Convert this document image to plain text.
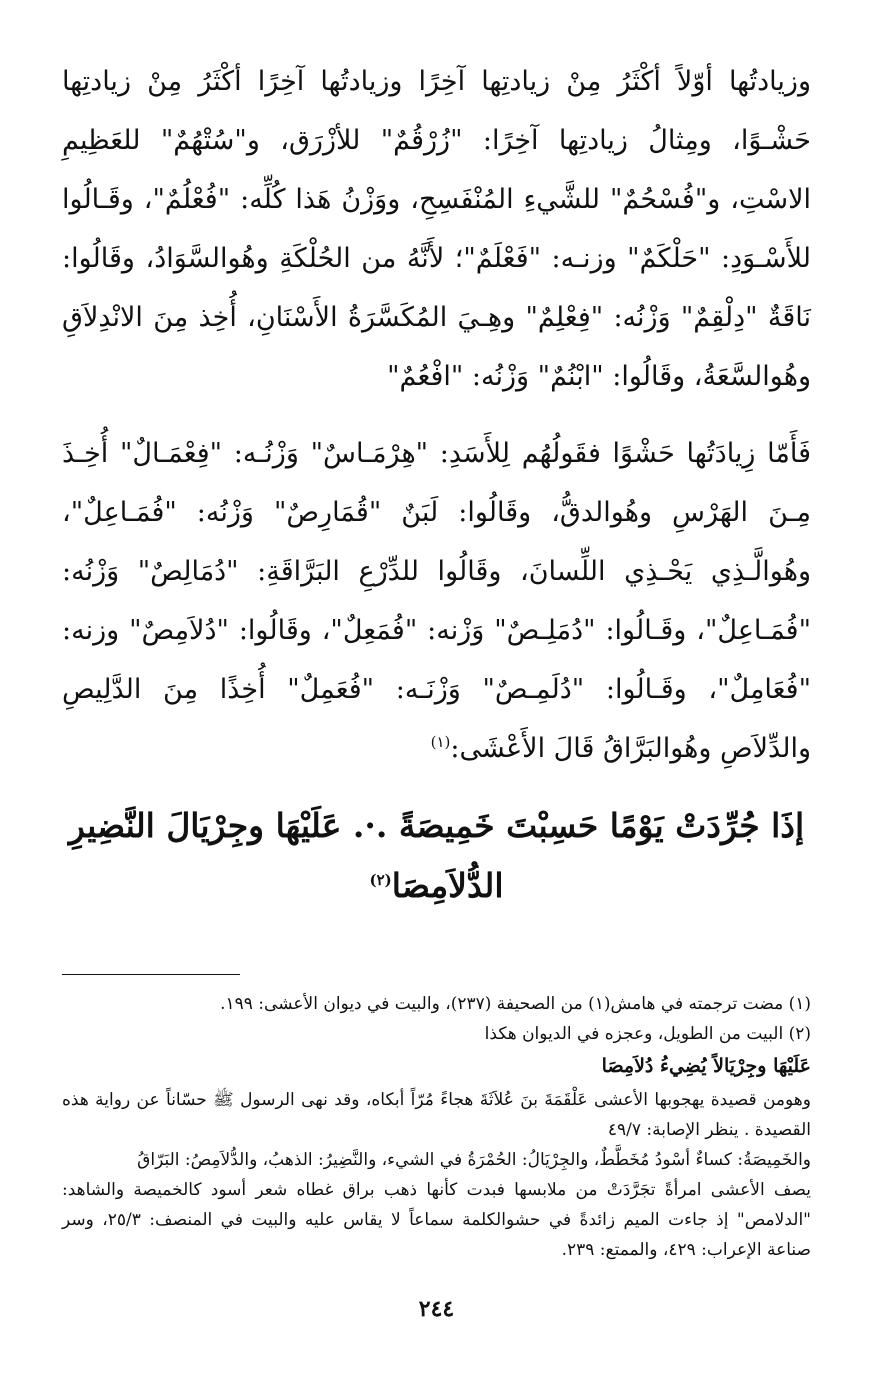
وزيادتُها أوّلاً أكْثَرُ مِنْ زيادتِها آخِرًا وزيادتُها آخِرًا أكْثَرُ مِنْ زيادتِها حَشْـوًا، ومِثالُ زيادتِها آخِرًا: "زُرْقُمٌ" للأزْرَق، و"سُتْهُمٌ" للعَظِيمِ الاسْتِ، و"فُسْحُمٌ" للشَّيءِ المُنْفَسِحِ، ووَزْنُ هَذا كُلِّه: "فُعْلُمٌ"، وقَـالُوا للأَسْـوَدِ: "حَلْكَمٌ" وزنـه: "فَعْلَمٌ"؛ لأَنَّهُ من الحُلْكَةِ وهُوالسَّوَادُ، وقَالُوا: نَاقَةٌ "دِلْقِمٌ" وَزْنُه: "فِعْلِمٌ" وهِـيَ المُكَسَّرَةُ الأَسْنَانِ، أُخِذ مِنَ الانْدِلاَقِ وهُوالسَّعَةُ، وقَالُوا: "ابْنُمٌ" وَزْنُه: "افْعُمٌ"

فَأَمّا زِيادَتُها حَشْوًا فقَولُهُم لِلأَسَدِ: "هِرْمَـاسٌ" وَزْنُـه: "فِعْمَـالٌ" أُخِـذَ مِـنَ الهَرْسِ وهُوالدقُّ، وقَالُوا: لَبَنٌ "قُمَارِصٌ" وَزْنُه: "فُمَـاعِلٌ"، وهُوالَّـذِي يَحْـذِي اللِّسانَ، وقَالُوا للدِّرْعِ البَرَّاقَةِ: "دُمَالِصٌ" وَزْنُه: "فُمَـاعِلٌ"، وقَـالُوا: "دُمَلِـصٌ" وَزْنه: "فُمَعِلٌ"، وقَالُوا: "دُلاَمِصٌ" وزنه: "فُعَامِلٌ"، وقَـالُوا: "دُلَمِـصٌ" وَزْنَـه: "فُعَمِلٌ" أُخِذًا مِنَ الدَّلِيصِ والدِّلاَصِ وهُوالبَرَّاقُ قَالَ الأَعْشَى:$^{(١)}$

إذَا جُرِّدَتْ يَوْمًا حَسِبْتَ خَمِيصَةً .·. عَلَيْهَا وجِرْيَالَ النَّضِيرِ الدُّلاَمِصَا$^{(٢)}$

(١) مضت ترجمته في هامش(١) من الصحيفة (٢٣٧)، والبيت في ديوان الأعشى: ١٩٩.

(٢) البيت من الطويل، وعجزه في الديوان هكذا

عَلَيْهَا وجِرْيَالاً يُضِيءُ دُلاَمِصَا

وهومن قصيدة يهجوبها الأعشى عَلْقَمَةَ بنَ عُلاَثَةَ هجاءً مُرّاً أبكاه، وقد نهى الرسول ﷺ حسّاناً عن رواية هذه القصيدة . ينظر الإصابة: ٤٩/٧

والخَمِيصَةُ: كساءٌ أسْودُ مُخَطَّطٌ، والجِرْيَالُ: الحُمْرَةُ في الشيء، والنَّضِيرُ: الذهبُ، والدُّلاَمِصُ: البَرّاقُ

يصف الأعشى امرأةً تجَرَّدَتْ من ملابسها فبدت كأنها ذهب براق غطاه شعر أسود كالخميصة والشاهد: "الدلامص" إذ جاءت الميم زائدةً في حشوالكلمة سماعاً لا يقاس عليه والبيت في المنصف: ٢٥/٣، وسر صناعة الإعراب: ٤٢٩، والممتع: ٢٣٩.

٢٤٤
